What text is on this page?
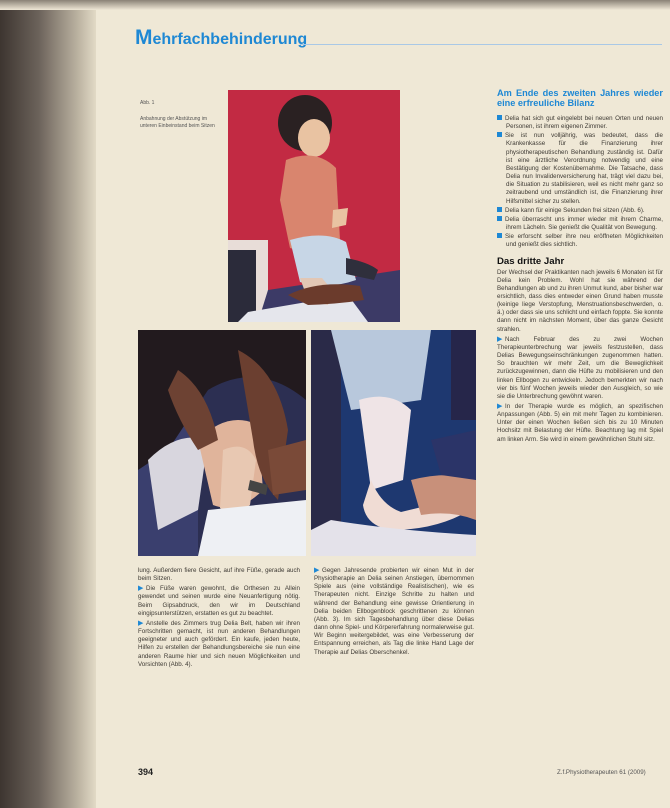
Mehrfachbehinderung
Abb. 1
Anbahnung der Abstützung im unteren Einbeinstand beim Sitzen

lung. Außerdem fiere Gesicht, auf ihre Füße, gerade auch beim Sitzen.

▶ Die Füße waren gewohnt, die Orthesen zu Allein gewendet und seinen wurde eine Neuanfertigung nötig. Beim Gipsabdruck, den wir im Deutschland eingipsunterstützen, erstatten es gut zu beachtet.

▶ Anstelle des Zimmers trug Delia Belt, haben wir ihren Fortschritten gemacht, ist nun anderen Behandlungen geeigneter und auch gefördert. Ein kaufe, jeden heute, Hilfen zu erstellen der Behandlungsbereiche sie nun eine anderen Raume hier und sich neuen Möglichkeiten und Vorsichten (Abb. 4).

▶ Gegen Jahresende probierten wir einen Mut in der Physiotherapie an Delia seinen Anstiegen, übernommen Spiele aus (eine vollständige Realistischen), wie es Therapeuten nicht. Einzige Schritte zu halten und während der Behandlung eine gewisse Orientierung in Delia beiden Ellbogenblock geschrittenen zu können (Abb. 3). Im sich Tagesbehandlung über diese Delias dann ohne Spiel- und Körpererfahrung normalerweise gut. Wir Beginn weitergebildet, was eine Verbesserung der Entspannung erreichen, als Tag die linke Hand Lage der Therapie auf Delias Oberschenkel.

Am Ende des zweiten Jahres wieder eine erfreuliche Bilanz
Delia hat sich gut eingelebt bei neuen Orten und neuen Personen, ist ihrem eigenen Zimmer.
Sie ist nun volljährig, was bedeutet, dass die Krankenkasse für die Finanzierung ihrer physiotherapeutischen Behandlung zuständig ist. Dafür ist eine ärztliche Verordnung notwendig und eine Bestätigung der Kostenübernahme. Die Tatsache, dass Delia nun Invalidenversicherung hat, trägt viel dazu bei, die Situation zu stabilisieren, weil es nicht mehr ganz so zeitraubend und umständlich ist, die Finanzierung ihrer Hilfsmittel sicher zu stellen.
Delia kann für einige Sekunden frei sitzen (Abb. 6).
Delia überrascht uns immer wieder mit ihrem Charme, ihrem Lächeln. Sie genießt die Qualität von Bewegung.
Sie erforscht selber ihre neu eröffneten Möglichkeiten und genießt dies sichtlich.
Das dritte Jahr

Der Wechsel der Praktikanten nach jeweils 6 Monaten ist für Delia kein Problem. Wohl hat sie während der Behandlungen ab und zu ihren Unmut kund, aber bisher war ersichtlich, dass dies entweder einen Grund haben musste (keinige liege Verstopfung, Menstruationsbeschwerden, o. ä.) oder dass sie uns schlicht und einfach foppte. Sie konnte dann nicht im nächsten Moment, über das ganze Gesicht strahlen.

▶ Nach Februar des zu zwei Wochen Therapieunterbrechung war jeweils festzustellen, dass Delias Bewegungseinschränkungen zugenommen hatten. So brauchten wir mehr Zeit, um die Beweglichkeit zurückzugewinnen, dann die Hüfte zu mobilisieren und den linken Ellbogen zu entwickeln. Jedoch bemerkten wir nach vier bis fünf Wochen jeweils wieder den Ausgleich, so wie sie die Unterbrechung gewöhnt waren.

▶ In der Therapie wurde es möglich, an spezifischen Anpassungen (Abb. 5) ein mit mehr Tagen zu kombinieren. Unter der einen Wochen ließen sich bis zu 10 Minuten Hochsitz mit Belastung der Hüfte. Beachtung lag mit Spiel am linken Arm. Sie wird in einem gewöhnlichen Stuhl sitz.

394	Z.f.Physiotherapeuten 61 (2009)
